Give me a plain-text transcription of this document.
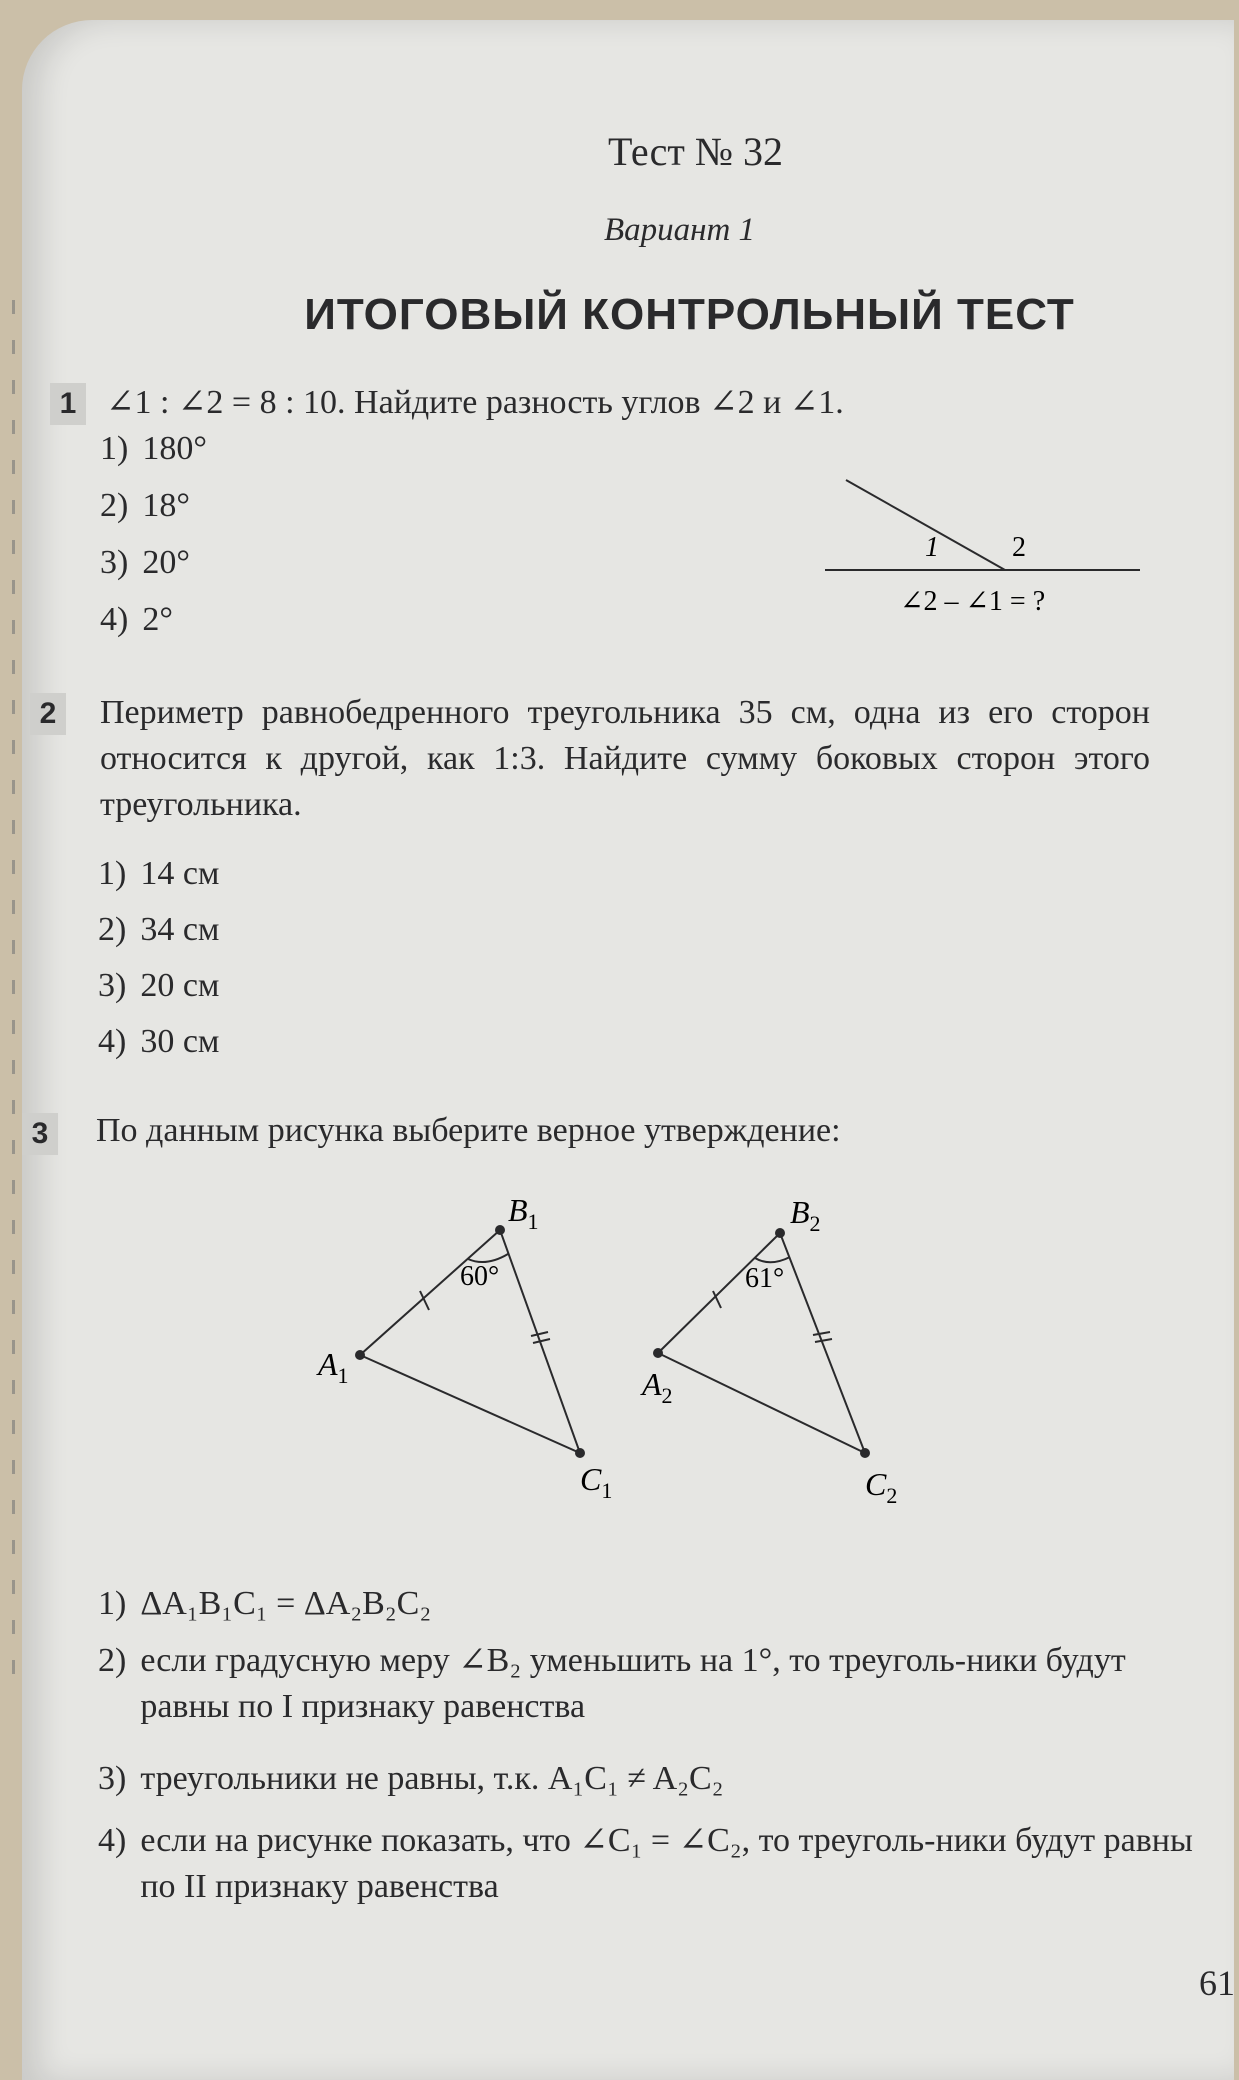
Тест № 32
Вариант 1
ИТОГОВЫЙ КОНТРОЛЬНЫЙ ТЕСТ
1 ∠1 : ∠2 = 8 : 10. Найдите разность углов ∠2 и ∠1.
1) 180°
2) 18°
3) 20°
4) 2°
1	2
∠2 – ∠1 = ?
2 Периметр равнобедренного треугольника 35 см, одна из его сторон относится к другой, как 1:3. Найдите сумму боковых сторон этого треугольника.
1) 14 см
2) 34 см
3) 20 см
4) 30 см
3 По данным рисунка выберите верное утверждение:
60°
$B_1$
$A_1$
$C_1$
61°
$B_2$
$A_2$
$C_2$
1) ΔA₁B₁C₁ = ΔA₂B₂C₂
2) если градусную меру ∠B₂ уменьшить на 1°, то треуголь-ники будут равны по I признаку равенства
3) треугольники не равны, т.к. A₁C₁ ≠ A₂C₂
4) если на рисунке показать, что ∠C₁ = ∠C₂, то треуголь-ники будут равны по II признаку равенства
61
